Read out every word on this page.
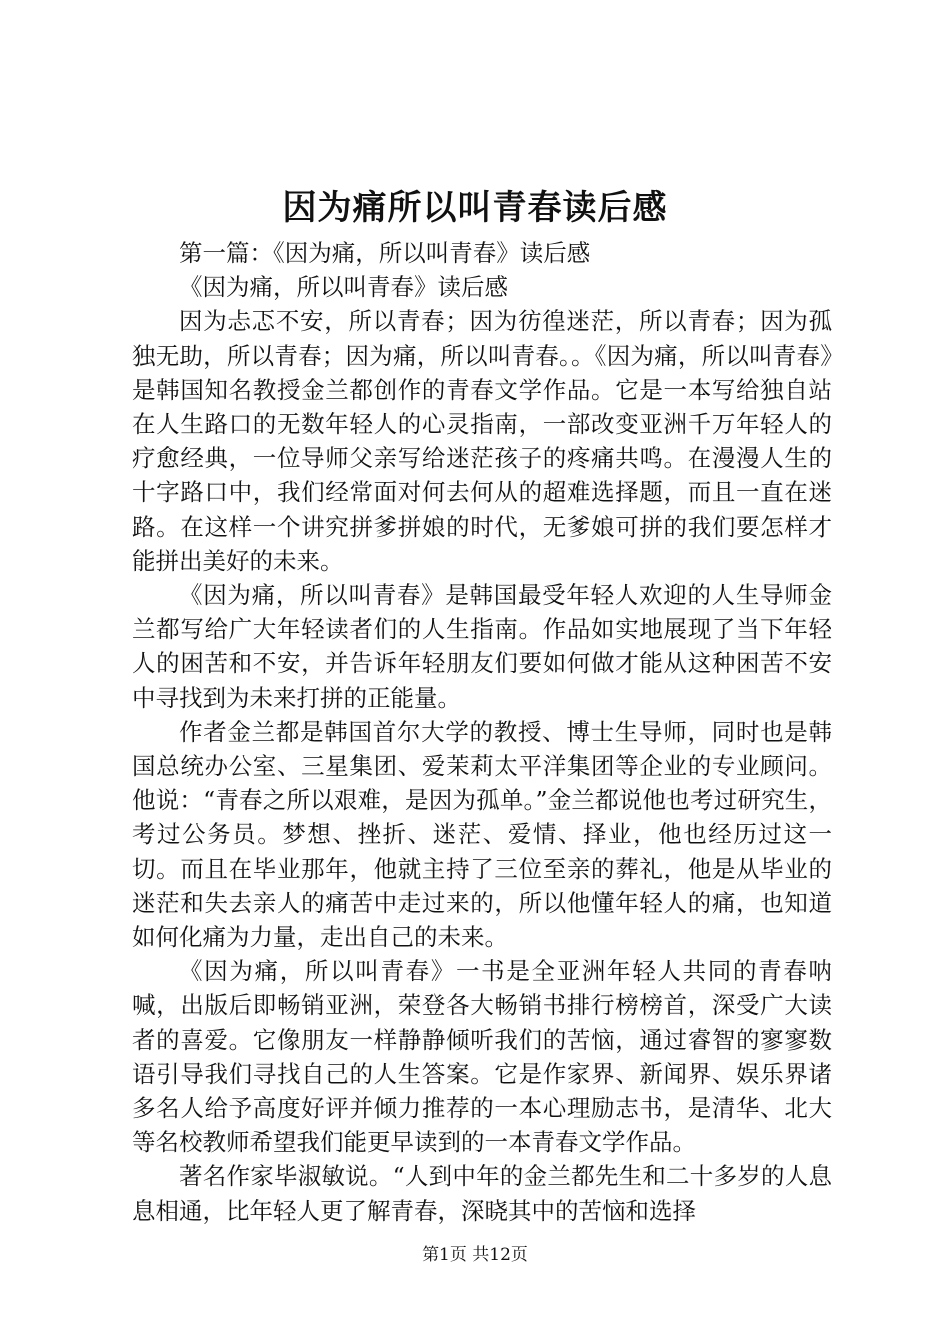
因为痛所以叫青春读后感

第一篇：《因为痛，所以叫青春》读后感

《因为痛，所以叫青春》读后感

因为忐忑不安，所以青春；因为彷徨迷茫，所以青春；因为孤独无助，所以青春；因为痛，所以叫青春。。《因为痛，所以叫青春》是韩国知名教授金兰都创作的青春文学作品。它是一本写给独自站在人生路口的无数年轻人的心灵指南，一部改变亚洲千万年轻人的疗愈经典，一位导师父亲写给迷茫孩子的疼痛共鸣。在漫漫人生的十字路口中，我们经常面对何去何从的超难选择题，而且一直在迷路。在这样一个讲究拼爹拼娘的时代，无爹娘可拼的我们要怎样才能拼出美好的未来。

《因为痛，所以叫青春》是韩国最受年轻人欢迎的人生导师金兰都写给广大年轻读者们的人生指南。作品如实地展现了当下年轻人的困苦和不安，并告诉年轻朋友们要如何做才能从这种困苦不安中寻找到为未来打拼的正能量。

作者金兰都是韩国首尔大学的教授、博士生导师，同时也是韩国总统办公室、三星集团、爱茉莉太平洋集团等企业的专业顾问。他说：“青春之所以艰难，是因为孤单。”金兰都说他也考过研究生，考过公务员。梦想、挫折、迷茫、爱情、择业，他也经历过这一切。而且在毕业那年，他就主持了三位至亲的葬礼，他是从毕业的迷茫和失去亲人的痛苦中走过来的，所以他懂年轻人的痛，也知道如何化痛为力量，走出自己的未来。

《因为痛，所以叫青春》一书是全亚洲年轻人共同的青春呐喊，出版后即畅销亚洲，荣登各大畅销书排行榜榜首，深受广大读者的喜爱。它像朋友一样静静倾听我们的苦恼，通过睿智的寥寥数语引导我们寻找自己的人生答案。它是作家界、新闻界、娱乐界诸多名人给予高度好评并倾力推荐的一本心理励志书，是清华、北大等名校教师希望我们能更早读到的一本青春文学作品。

著名作家毕淑敏说。“人到中年的金兰都先生和二十多岁的人息息相通，比年轻人更了解青春，深晓其中的苦恼和选择

第1页 共12页
